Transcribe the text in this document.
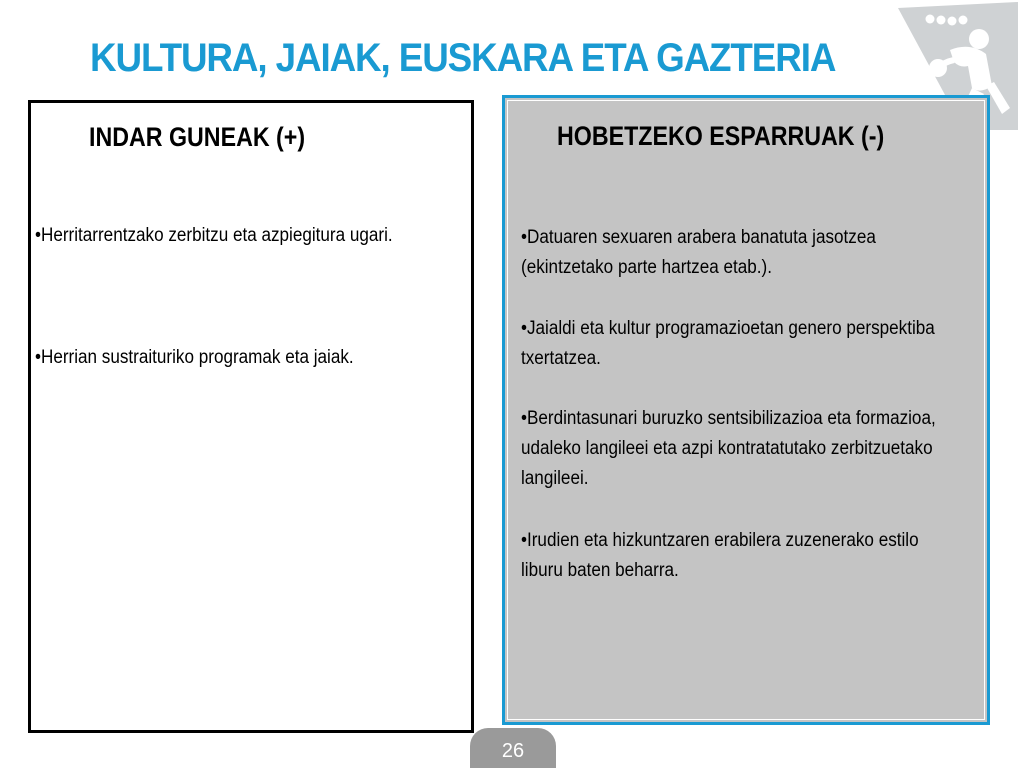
KULTURA, JAIAK, EUSKARA ETA GAZTERIA
INDAR GUNEAK (+)

•Herritarrentzako zerbitzu eta azpiegitura ugari.

•Herrian sustraituriko programak eta jaiak.

HOBETZEKO ESPARRUAK (-)

•Datuaren sexuaren arabera banatuta jasotzea (ekintzetako parte hartzea etab.).

•Jaialdi eta kultur programazioetan genero perspektiba txertatzea.

•Berdintasunari buruzko sentsibilizazioa eta formazioa, udaleko langileei eta azpi kontratatutako zerbitzuetako langileei.

•Irudien eta hizkuntzaren erabilera zuzenerako estilo liburu baten beharra.

26
